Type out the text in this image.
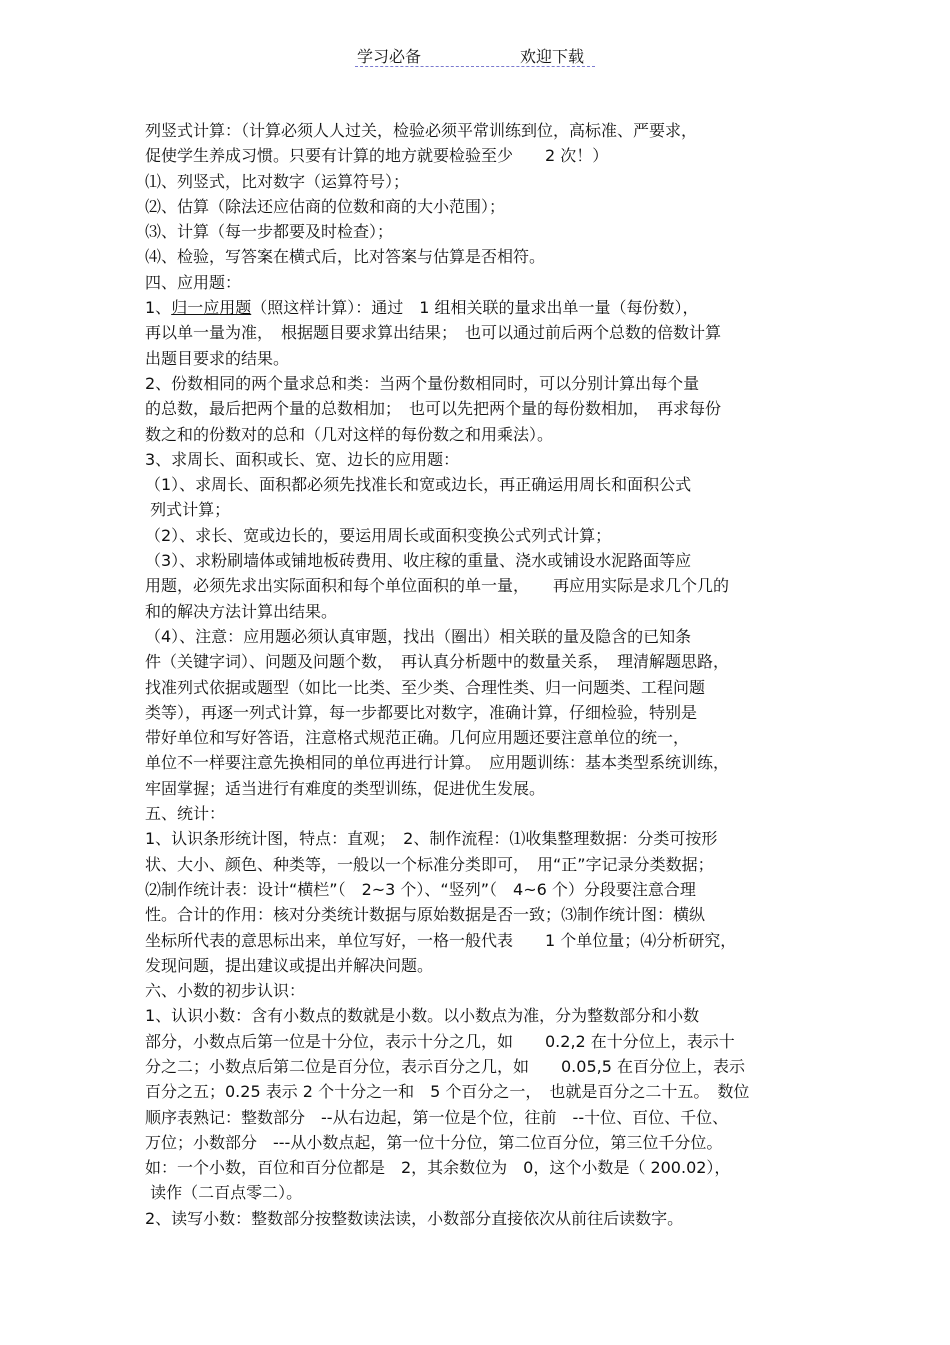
学习必备	欢迎下载
列竖式计算：（计算必须人人过关，检验必须平常训练到位，高标准、严要求，
促使学生养成习惯。只要有计算的地方就要检验至少　　2 次！）
⑴、列竖式，比对数字（运算符号）；
⑵、估算（除法还应估商的位数和商的大小范围）；
⑶、计算（每一步都要及时检查）；
⑷、检验，写答案在横式后，比对答案与估算是否相符。
四、应用题：
1、归一应用题（照这样计算）：通过　1 组相关联的量求出单一量（每份数），
再以单一量为准，　根据题目要求算出结果；　也可以通过前后两个总数的倍数计算
出题目要求的结果。
2、份数相同的两个量求总和类：当两个量份数相同时，可以分别计算出每个量
的总数，最后把两个量的总数相加；　也可以先把两个量的每份数相加，　再求每份
数之和的份数对的总和（几对这样的每份数之和用乘法）。
3、求周长、面积或长、宽、边长的应用题：
（1）、求周长、面积都必须先找准长和宽或边长，再正确运用周长和面积公式
列式计算；
（2）、求长、宽或边长的，要运用周长或面积变换公式列式计算；
（3）、求粉刷墙体或铺地板砖费用、收庄稼的重量、浇水或铺设水泥路面等应
用题，必须先求出实际面积和每个单位面积的单一量，　　再应用实际是求几个几的
和的解决方法计算出结果。
（4）、注意：应用题必须认真审题，找出（圈出）相关联的量及隐含的已知条
件（关键字词）、问题及问题个数，　再认真分析题中的数量关系，　理清解题思路，
找准列式依据或题型（如比一比类、至少类、合理性类、归一问题类、工程问题
类等），再逐一列式计算，每一步都要比对数字，准确计算，仔细检验，特别是
带好单位和写好答语，注意格式规范正确。几何应用题还要注意单位的统一，
单位不一样要注意先换相同的单位再进行计算。　应用题训练：基本类型系统训练，
牢固掌握；适当进行有难度的类型训练，促进优生发展。
五、统计：
1、认识条形统计图，特点：直观；　2、制作流程：⑴收集整理数据：分类可按形
状、大小、颜色、种类等，一般以一个标准分类即可，　用“正”字记录分类数据；
⑵制作统计表：设计“横栏”（　2~3 个）、“竖列”（　4~6 个）分段要注意合理
性。合计的作用：核对分类统计数据与原始数据是否一致；⑶制作统计图：横纵
坐标所代表的意思标出来，单位写好，一格一般代表　　1 个单位量；⑷分析研究，
发现问题，提出建议或提出并解决问题。
六、小数的初步认识：
1、认识小数：含有小数点的数就是小数。以小数点为准，分为整数部分和小数
部分，小数点后第一位是十分位，表示十分之几，如　　0.2,2 在十分位上，表示十
分之二；小数点后第二位是百分位，表示百分之几，如　　0.05,5 在百分位上，表示
百分之五；0.25 表示 2 个十分之一和　5 个百分之一，　也就是百分之二十五。　数位
顺序表熟记：整数部分　--从右边起，第一位是个位，往前　--十位、百位、千位、
万位；小数部分　---从小数点起，第一位十分位，第二位百分位，第三位千分位。
如：一个小数，百位和百分位都是　2，其余数位为　0，这个小数是（ 200.02），
读作（二百点零二）。
2、读写小数：整数部分按整数读法读，小数部分直接依次从前往后读数字。
